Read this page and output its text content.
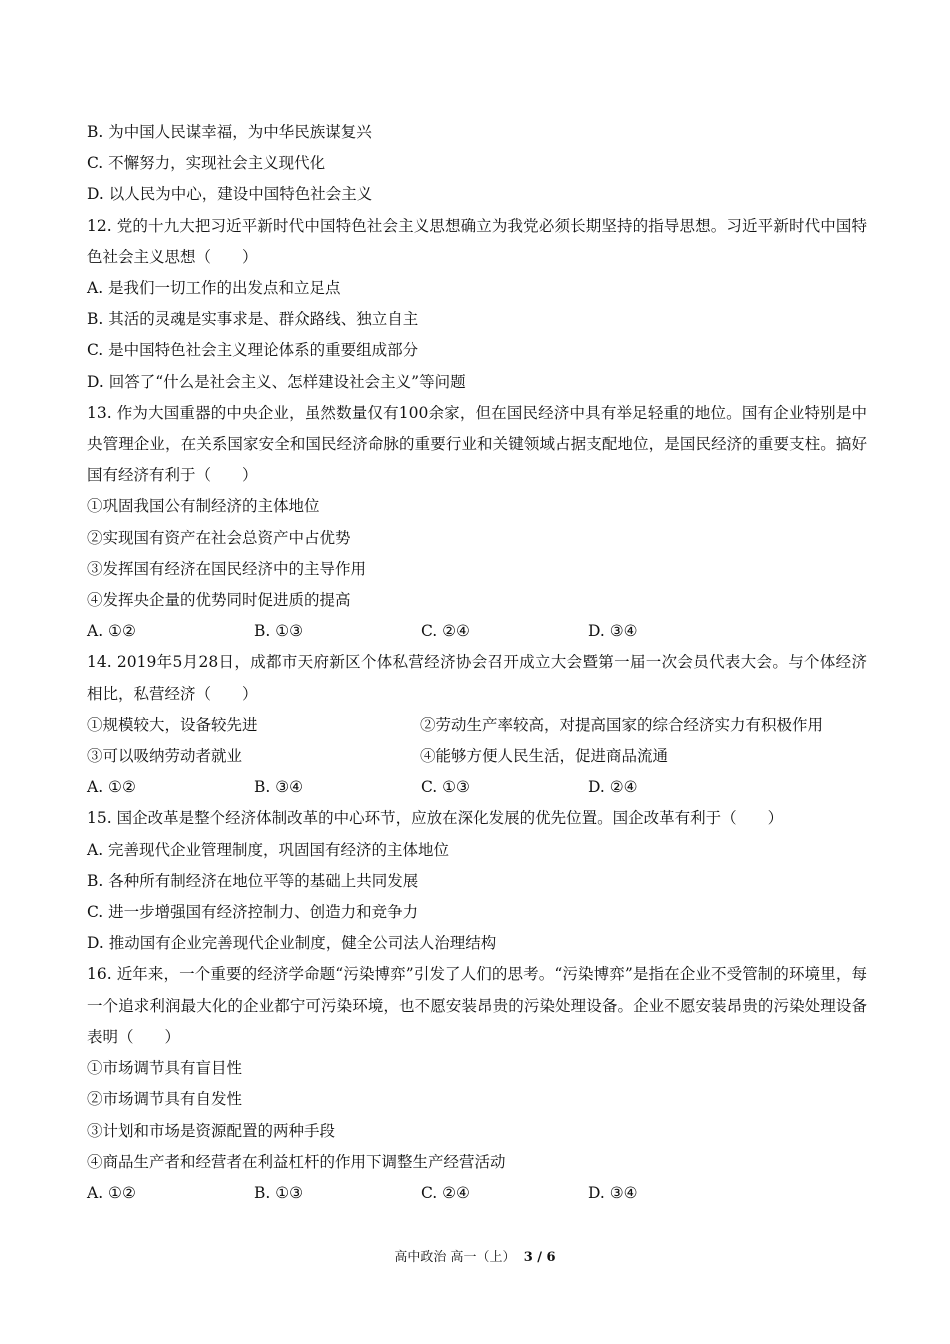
B. 为中国人民谋幸福，为中华民族谋复兴
C. 不懈努力，实现社会主义现代化
D. 以人民为中心，建设中国特色社会主义
12. 党的十九大把习近平新时代中国特色社会主义思想确立为我党必须长期坚持的指导思想。习近平新时代中国特色社会主义思想（　　）
A. 是我们一切工作的出发点和立足点
B. 其活的灵魂是实事求是、群众路线、独立自主
C. 是中国特色社会主义理论体系的重要组成部分
D. 回答了“什么是社会主义、怎样建设社会主义”等问题
13. 作为大国重器的中央企业，虽然数量仅有100余家，但在国民经济中具有举足轻重的地位。国有企业特别是中央管理企业，在关系国家安全和国民经济命脉的重要行业和关键领域占据支配地位，是国民经济的重要支柱。搞好国有经济有利于（　　）
①巩固我国公有制经济的主体地位
②实现国有资产在社会总资产中占优势
③发挥国有经济在国民经济中的主导作用
④发挥央企量的优势同时促进质的提高
A. ①②	B. ①③	C. ②④	D. ③④
14. 2019年5月28日，成都市天府新区个体私营经济协会召开成立大会暨第一届一次会员代表大会。与个体经济相比，私营经济（　　）
①规模较大，设备较先进	②劳动生产率较高，对提高国家的综合经济实力有积极作用
③可以吸纳劳动者就业	④能够方便人民生活，促进商品流通
A. ①②	B. ③④	C. ①③	D. ②④
15. 国企改革是整个经济体制改革的中心环节，应放在深化发展的优先位置。国企改革有利于（　　）
A. 完善现代企业管理制度，巩固国有经济的主体地位
B. 各种所有制经济在地位平等的基础上共同发展
C. 进一步增强国有经济控制力、创造力和竞争力
D. 推动国有企业完善现代企业制度，健全公司法人治理结构
16. 近年来，一个重要的经济学命题“污染博弈”引发了人们的思考。“污染博弈”是指在企业不受管制的环境里，每一个追求利润最大化的企业都宁可污染环境，也不愿安装昂贵的污染处理设备。企业不愿安装昂贵的污染处理设备表明（　　）
①市场调节具有盲目性
②市场调节具有自发性
③计划和市场是资源配置的两种手段
④商品生产者和经营者在利益杠杆的作用下调整生产经营活动
A. ①②	B. ①③	C. ②④	D. ③④
高中政治 高一（上） 3 / 6
